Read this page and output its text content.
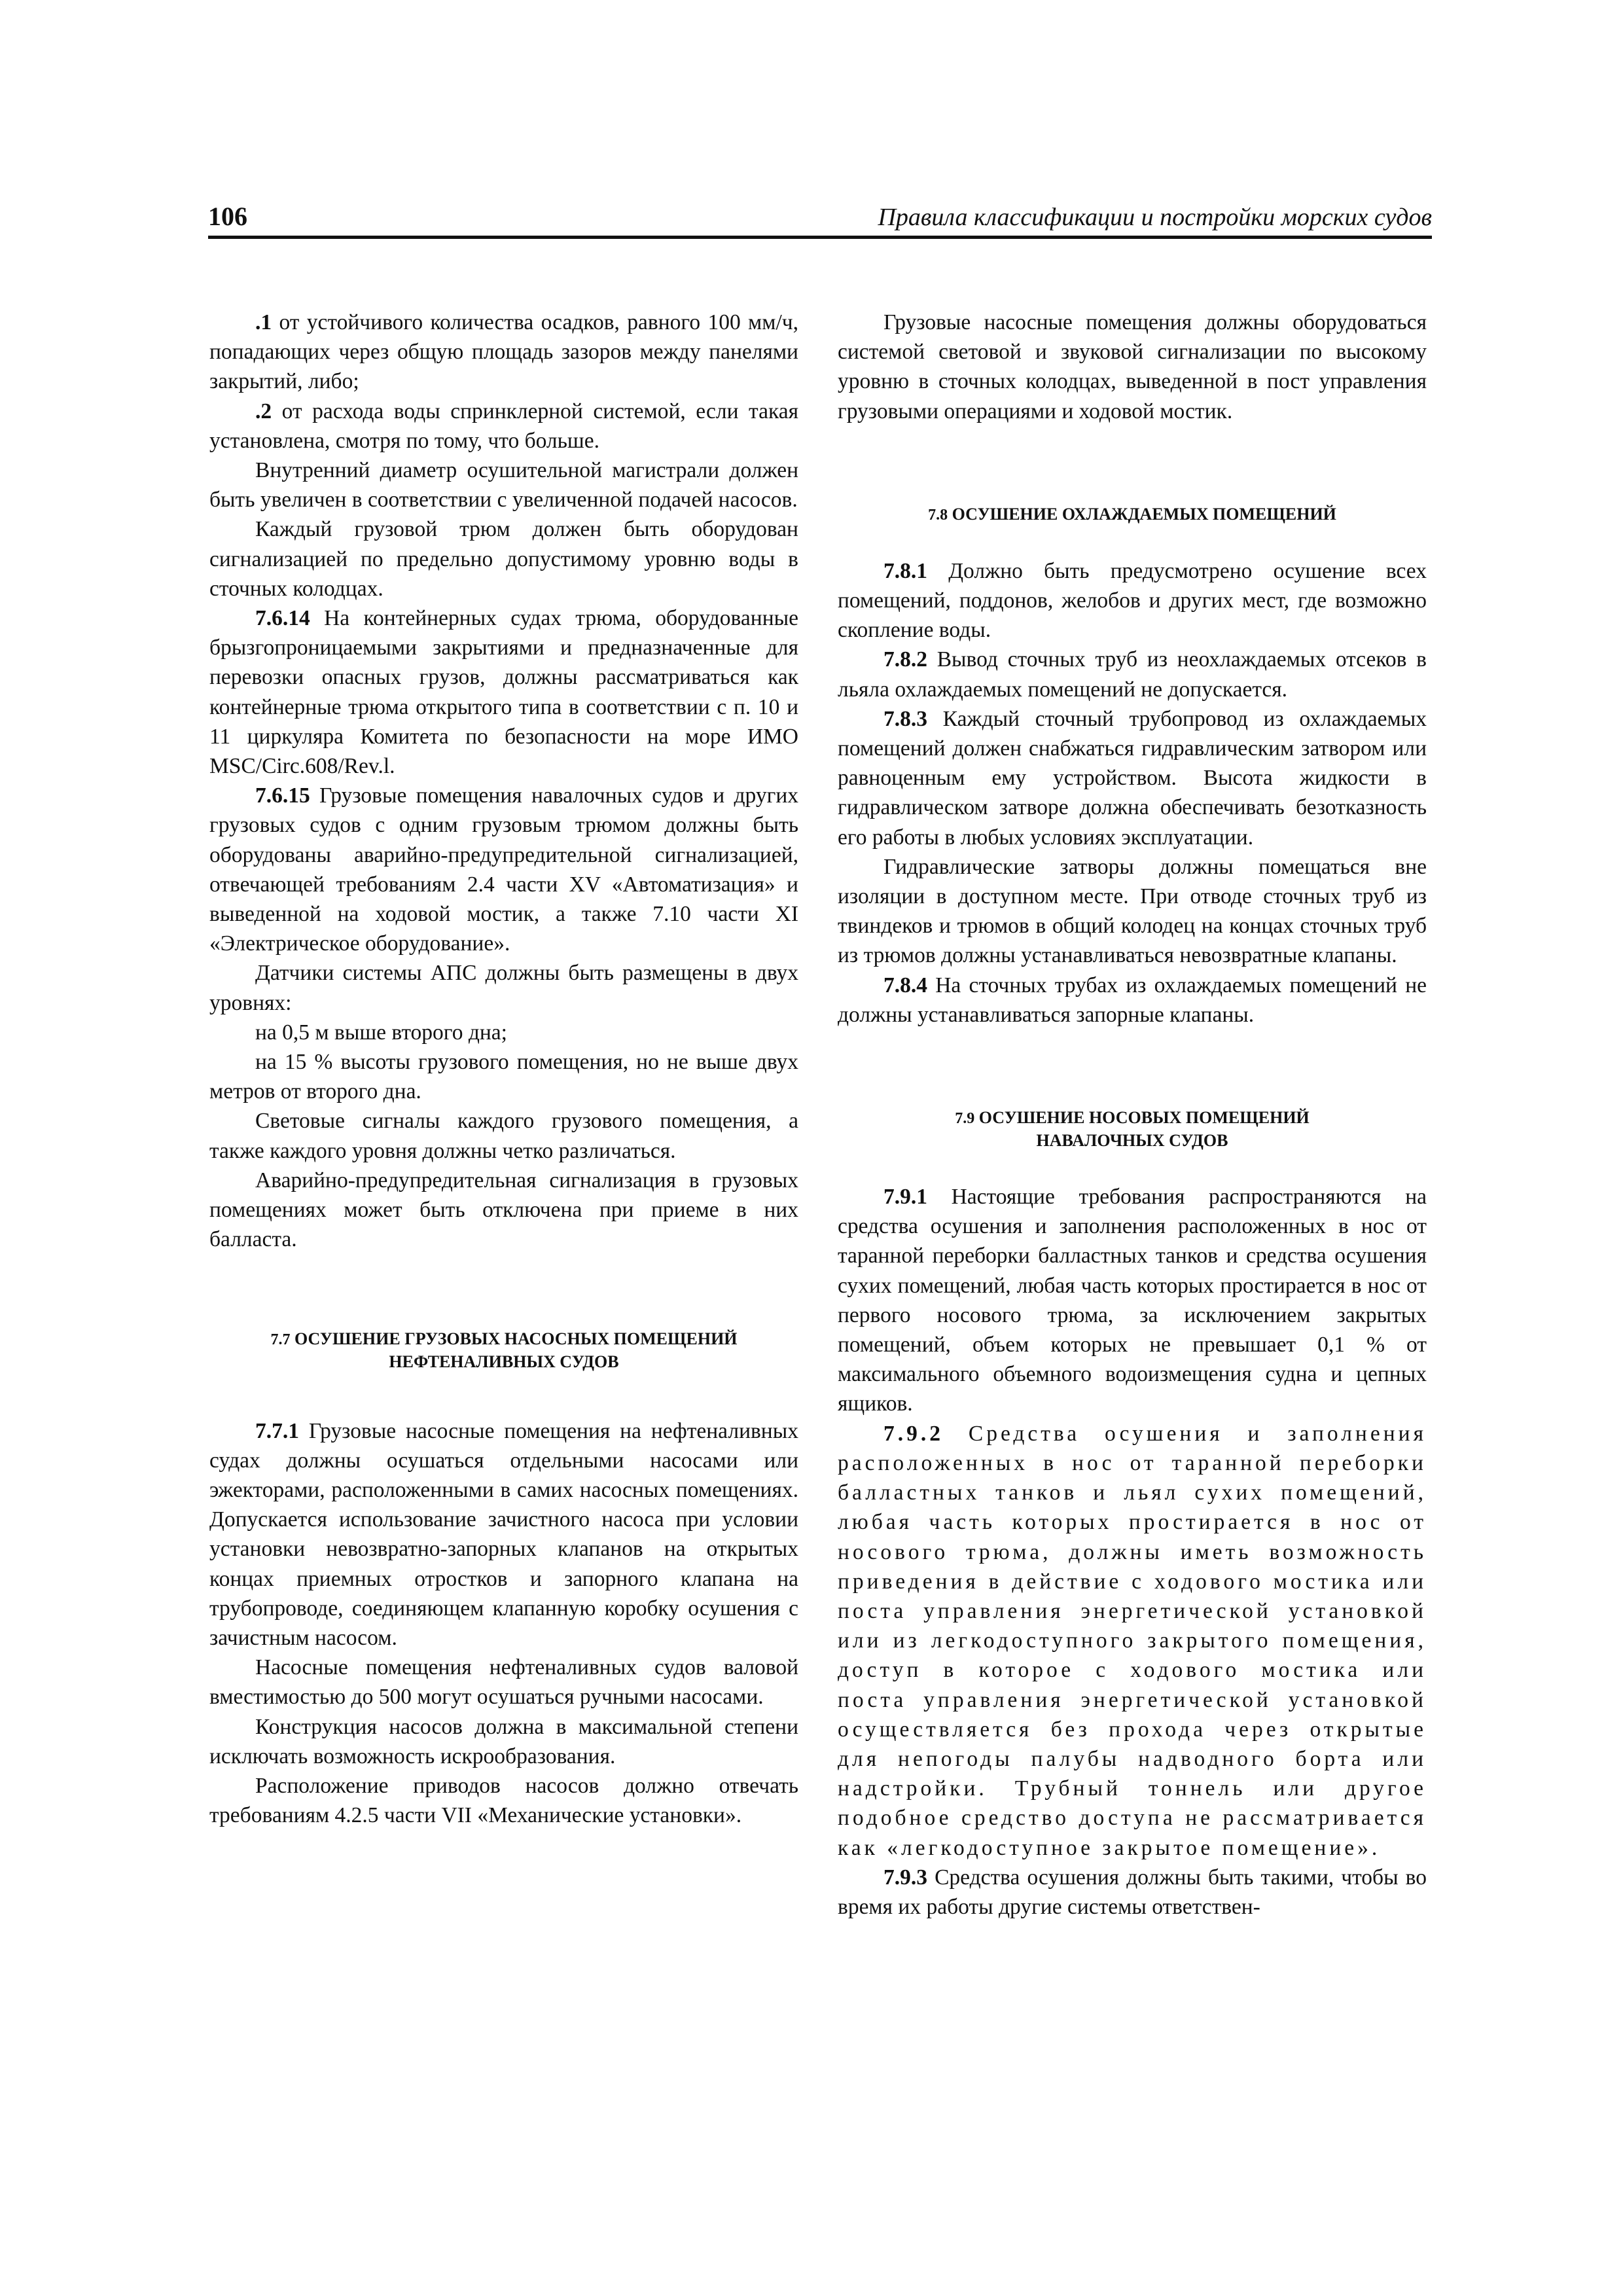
106	Правила классификации и постройки морских судов

.1 от устойчивого количества осадков, равного 100 мм/ч, попадающих через общую площадь зазоров между панелями закрытий, либо;

.2 от расхода воды спринклерной системой, если такая установлена, смотря по тому, что больше.

Внутренний диаметр осушительной магистрали должен быть увеличен в соответствии с увеличенной подачей насосов.

Каждый грузовой трюм должен быть оборудован сигнализацией по предельно допустимому уровню воды в сточных колодцах.

7.6.14 На контейнерных судах трюма, оборудованные брызгопроницаемыми закрытиями и предназначенные для перевозки опасных грузов, должны рассматриваться как контейнерные трюма открытого типа в соответствии с п. 10 и 11 циркуляра Комитета по безопасности на море ИМО MSC/Circ.608/Rev.l.

7.6.15 Грузовые помещения навалочных судов и других грузовых судов с одним грузовым трюмом должны быть оборудованы аварийно-предупредительной сигнализацией, отвечающей требованиям 2.4 части XV «Автоматизация» и выведенной на ходовой мостик, а также 7.10 части XI «Электрическое оборудование».

Датчики системы АПС должны быть размещены в двух уровнях:

на 0,5 м выше второго дна;

на 15 % высоты грузового помещения, но не выше двух метров от второго дна.

Световые сигналы каждого грузового помещения, а также каждого уровня должны четко различаться.

Аварийно-предупредительная сигнализация в грузовых помещениях может быть отключена при приеме в них балласта.

7.7 ОСУШЕНИЕ ГРУЗОВЫХ НАСОСНЫХ ПОМЕЩЕНИЙ
НЕФТЕНАЛИВНЫХ СУДОВ

7.7.1 Грузовые насосные помещения на нефтеналивных судах должны осушаться отдельными насосами или эжекторами, расположенными в самих насосных помещениях. Допускается использование зачистного насоса при условии установки невозвратно-запорных клапанов на открытых концах приемных отростков и запорного клапана на трубопроводе, соединяющем клапанную коробку осушения с зачистным насосом.

Насосные помещения нефтеналивных судов валовой вместимостью до 500 могут осушаться ручными насосами.

Конструкция насосов должна в максимальной степени исключать возможность искрообразования.

Расположение приводов насосов должно отвечать требованиям 4.2.5 части VII «Механические установки».

Грузовые насосные помещения должны оборудоваться системой световой и звуковой сигнализации по высокому уровню в сточных колодцах, выведенной в пост управления грузовыми операциями и ходовой мостик.

7.8 ОСУШЕНИЕ ОХЛАЖДАЕМЫХ ПОМЕЩЕНИЙ

7.8.1 Должно быть предусмотрено осушение всех помещений, поддонов, желобов и других мест, где возможно скопление воды.

7.8.2 Вывод сточных труб из неохлаждаемых отсеков в льяла охлаждаемых помещений не допускается.

7.8.3 Каждый сточный трубопровод из охлаждаемых помещений должен снабжаться гидравлическим затвором или равноценным ему устройством. Высота жидкости в гидравлическом затворе должна обеспечивать безотказность его работы в любых условиях эксплуатации.

Гидравлические затворы должны помещаться вне изоляции в доступном месте. При отводе сточных труб из твиндеков и трюмов в общий колодец на концах сточных труб из трюмов должны устанавливаться невозвратные клапаны.

7.8.4 На сточных трубах из охлаждаемых помещений не должны устанавливаться запорные клапаны.

7.9 ОСУШЕНИЕ НОСОВЫХ ПОМЕЩЕНИЙ
НАВАЛОЧНЫХ СУДОВ

7.9.1 Настоящие требования распространяются на средства осушения и заполнения расположенных в нос от таранной переборки балластных танков и средства осушения сухих помещений, любая часть которых простирается в нос от первого носового трюма, за исключением закрытых помещений, объем которых не превышает 0,1 % от максимального объемного водоизмещения судна и цепных ящиков.

7.9.2 Средства осушения и заполнения расположенных в нос от таранной переборки балластных танков и льял сухих помещений, любая часть которых простирается в нос от носового трюма, должны иметь возможность приведения в действие с ходового мостика или поста управления энергетической установкой или из легкодоступного закрытого помещения, доступ в которое с ходового мостика или поста управления энергетической установкой осуществляется без прохода через открытые для непогоды палубы надводного борта или надстройки. Трубный тоннель или другое подобное средство доступа не рассматривается как «легкодоступное закрытое помещение».

7.9.3 Средства осушения должны быть такими, чтобы во время их работы другие системы ответствен-
